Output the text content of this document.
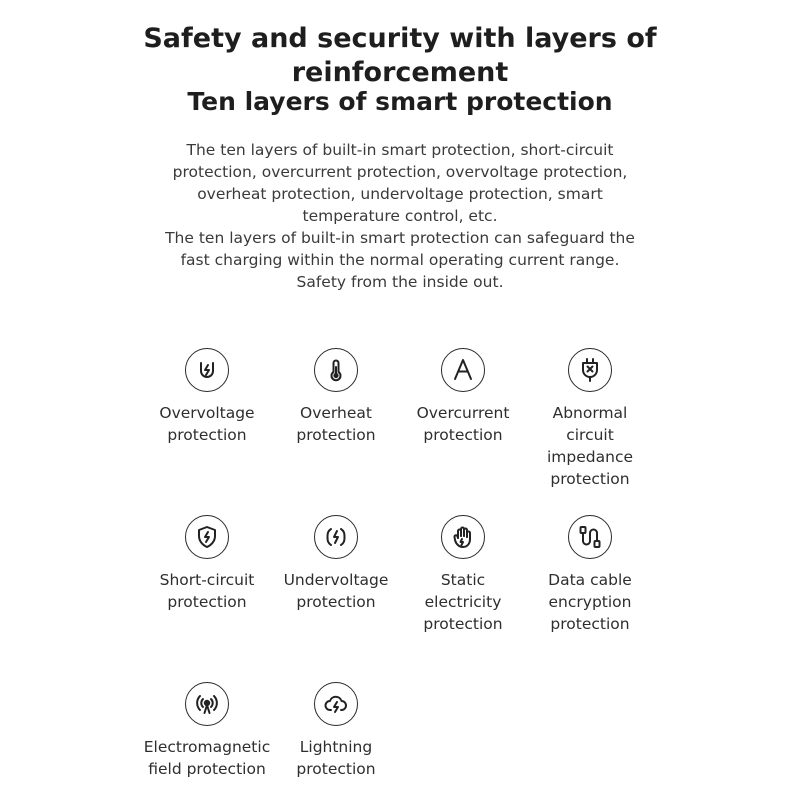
Safety and security with layers of
reinforcement
Ten layers of smart protection

The ten layers of built-in smart protection, short-circuit protection, overcurrent protection, overvoltage protection, overheat protection, undervoltage protection, smart temperature control, etc.

The ten layers of built-in smart protection can safeguard the fast charging within the normal operating current range.

Safety from the inside out.

Overvoltage
protection
Overheat
protection
Overcurrent
protection
Abnormal
circuit
impedance
protection
Short-circuit
protection
Undervoltage
protection
Static
electricity
protection
Data cable
encryption
protection
Electromagnetic
field protection
Lightning
protection
